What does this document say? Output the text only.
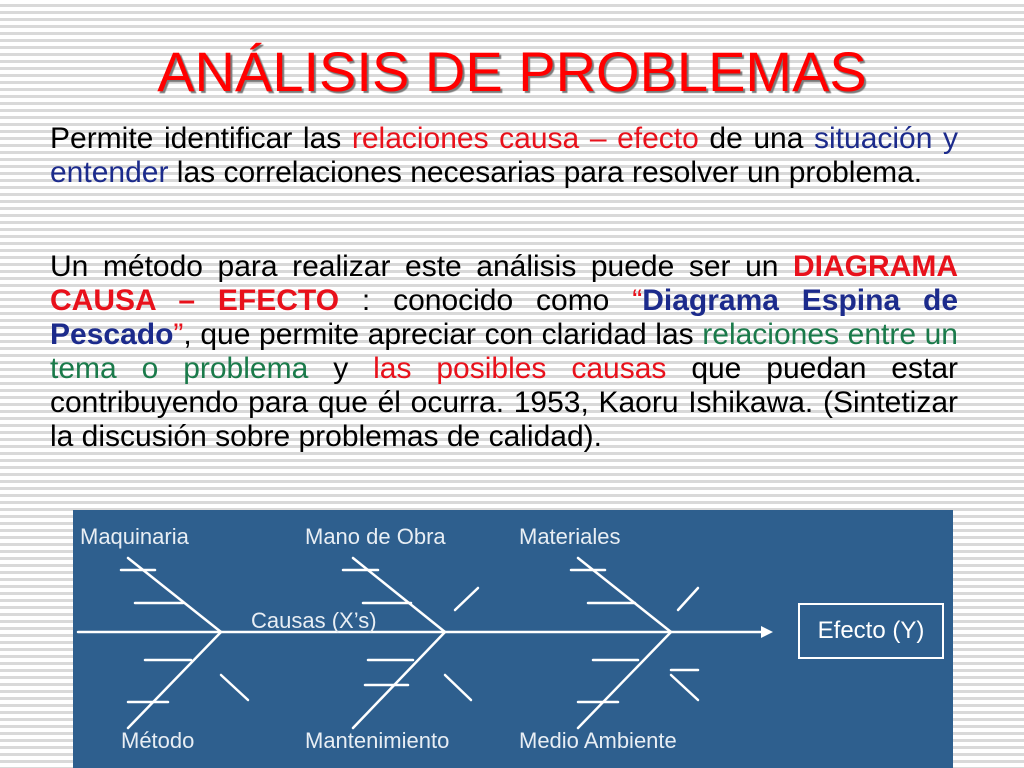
ANÁLISIS DE PROBLEMAS
Permite identificar las relaciones causa – efecto de una situación y entender las correlaciones necesarias para resolver un problema.
Un método para realizar este análisis puede ser un DIAGRAMA CAUSA – EFECTO : conocido como “Diagrama Espina de Pescado”, que permite apreciar con claridad las relaciones entre un tema o problema y las posibles causas que puedan estar contribuyendo para que él ocurra. 1953, Kaoru Ishikawa. (Sintetizar la discusión sobre problemas de calidad).
Maquinaria	Mano de Obra	Materiales
Causas (X’s)	Efecto (Y)
Método	Mantenimiento	Medio Ambiente
